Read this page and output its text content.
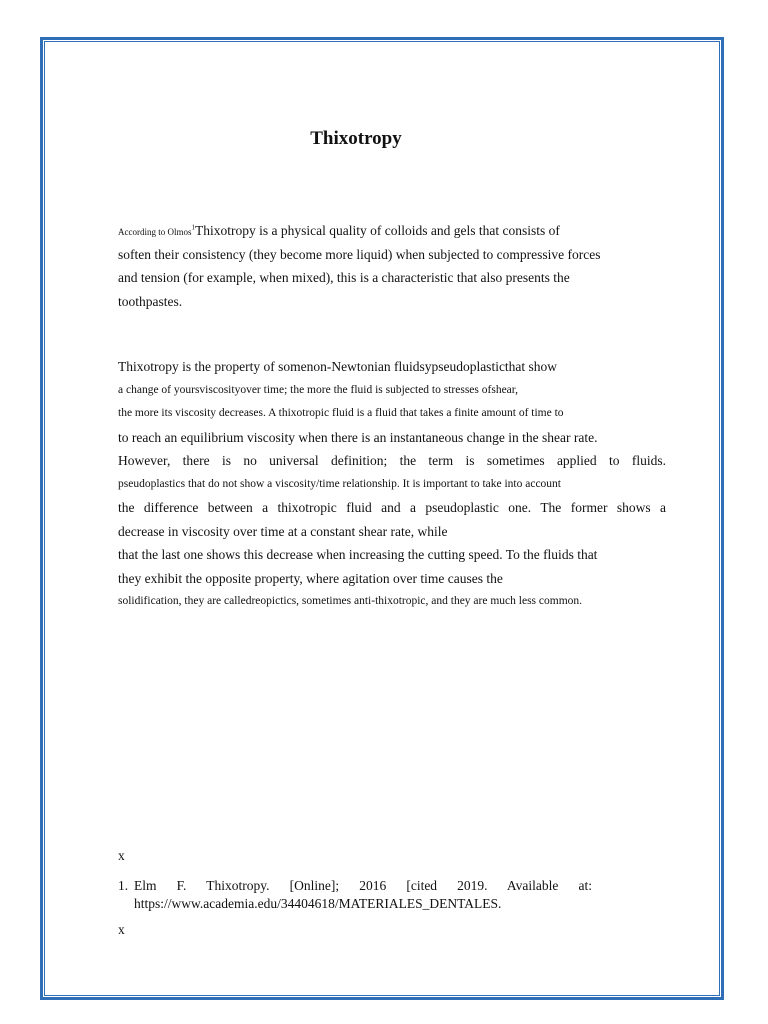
Thixotropy
According to Olmos$^1$Thixotropy is a physical quality of colloids and gels that consists of
soften their consistency (they become more liquid) when subjected to compressive forces
and tension (for example, when mixed), this is a characteristic that also presents the
toothpastes.
Thixotropy is the property of somenon-Newtonian fluidsypseudoplasticthat show
a change of yoursviscosityover time; the more the fluid is subjected to stresses ofshear,
the more its viscosity decreases. A thixotropic fluid is a fluid that takes a finite amount of time to
to reach an equilibrium viscosity when there is an instantaneous change in the shear rate.
However, there is no universal definition; the term is sometimes applied to fluids.
pseudoplastics that do not show a viscosity/time relationship. It is important to take into account
the difference between a thixotropic fluid and a pseudoplastic one. The former shows a
decrease in viscosity over time at a constant shear rate, while
that the last one shows this decrease when increasing the cutting speed. To the fluids that
they exhibit the opposite property, where agitation over time causes the
solidification, they are calledreopictics, sometimes anti-thixotropic, and they are much less common.
x
1. Elm F. Thixotropy. [Online]; 2016 [cited 2019. Available at:
https://www.academia.edu/34404618/MATERIALES_DENTALES.
x
